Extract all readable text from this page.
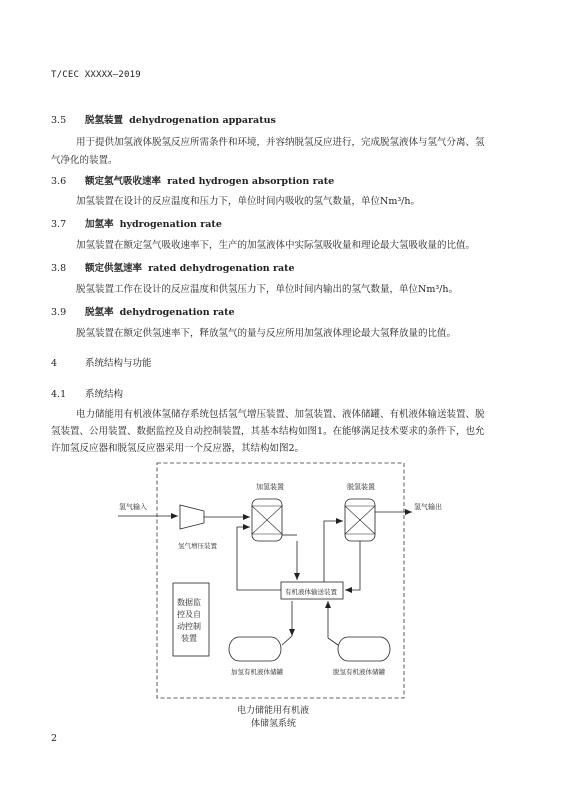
T/CEC XXXXX—2019
3.5 脱氢装置 dehydrogenation apparatus
用于提供加氢液体脱氢反应所需条件和环境，并容纳脱氢反应进行，完成脱氢液体与氢气分离、氢
气净化的装置。
3.6 额定氢气吸收速率 rated hydrogen absorption rate
加氢装置在设计的反应温度和压力下，单位时间内吸收的氢气数量，单位Nm³/h。
3.7 加氢率 hydrogenation rate
加氢装置在额定氢气吸收速率下，生产的加氢液体中实际氢吸收量和理论最大氢吸收量的比值。
3.8 额定供氢速率 rated dehydrogenation rate
脱氢装置工作在设计的反应温度和供氢压力下，单位时间内输出的氢气数量，单位Nm³/h。
3.9 脱氢率 dehydrogenation rate
脱氢装置在额定供氢速率下，释放氢气的量与反应所用加氢液体理论最大氢释放量的比值。
4	系统结构与功能
4.1 系统结构
电力储能用有机液体氢储存系统包括氢气增压装置、加氢装置、液体储罐、有机液体输送装置、脱
氢装置、公用装置、数据监控及自动控制装置，其基本结构如图1。在能够满足技术要求的条件下，也允
许加氢反应器和脱氢反应器采用一个反应器，其结构如图2。
氢气输入
氢气增压装置
加氢装置	脱氢装置
氢气输出
有机液体输送装置
加氢有机液体储罐	脱氢有机液体储罐
数据监
控及自
动控制
装置
电力储能用有机液
体储氢系统
2
